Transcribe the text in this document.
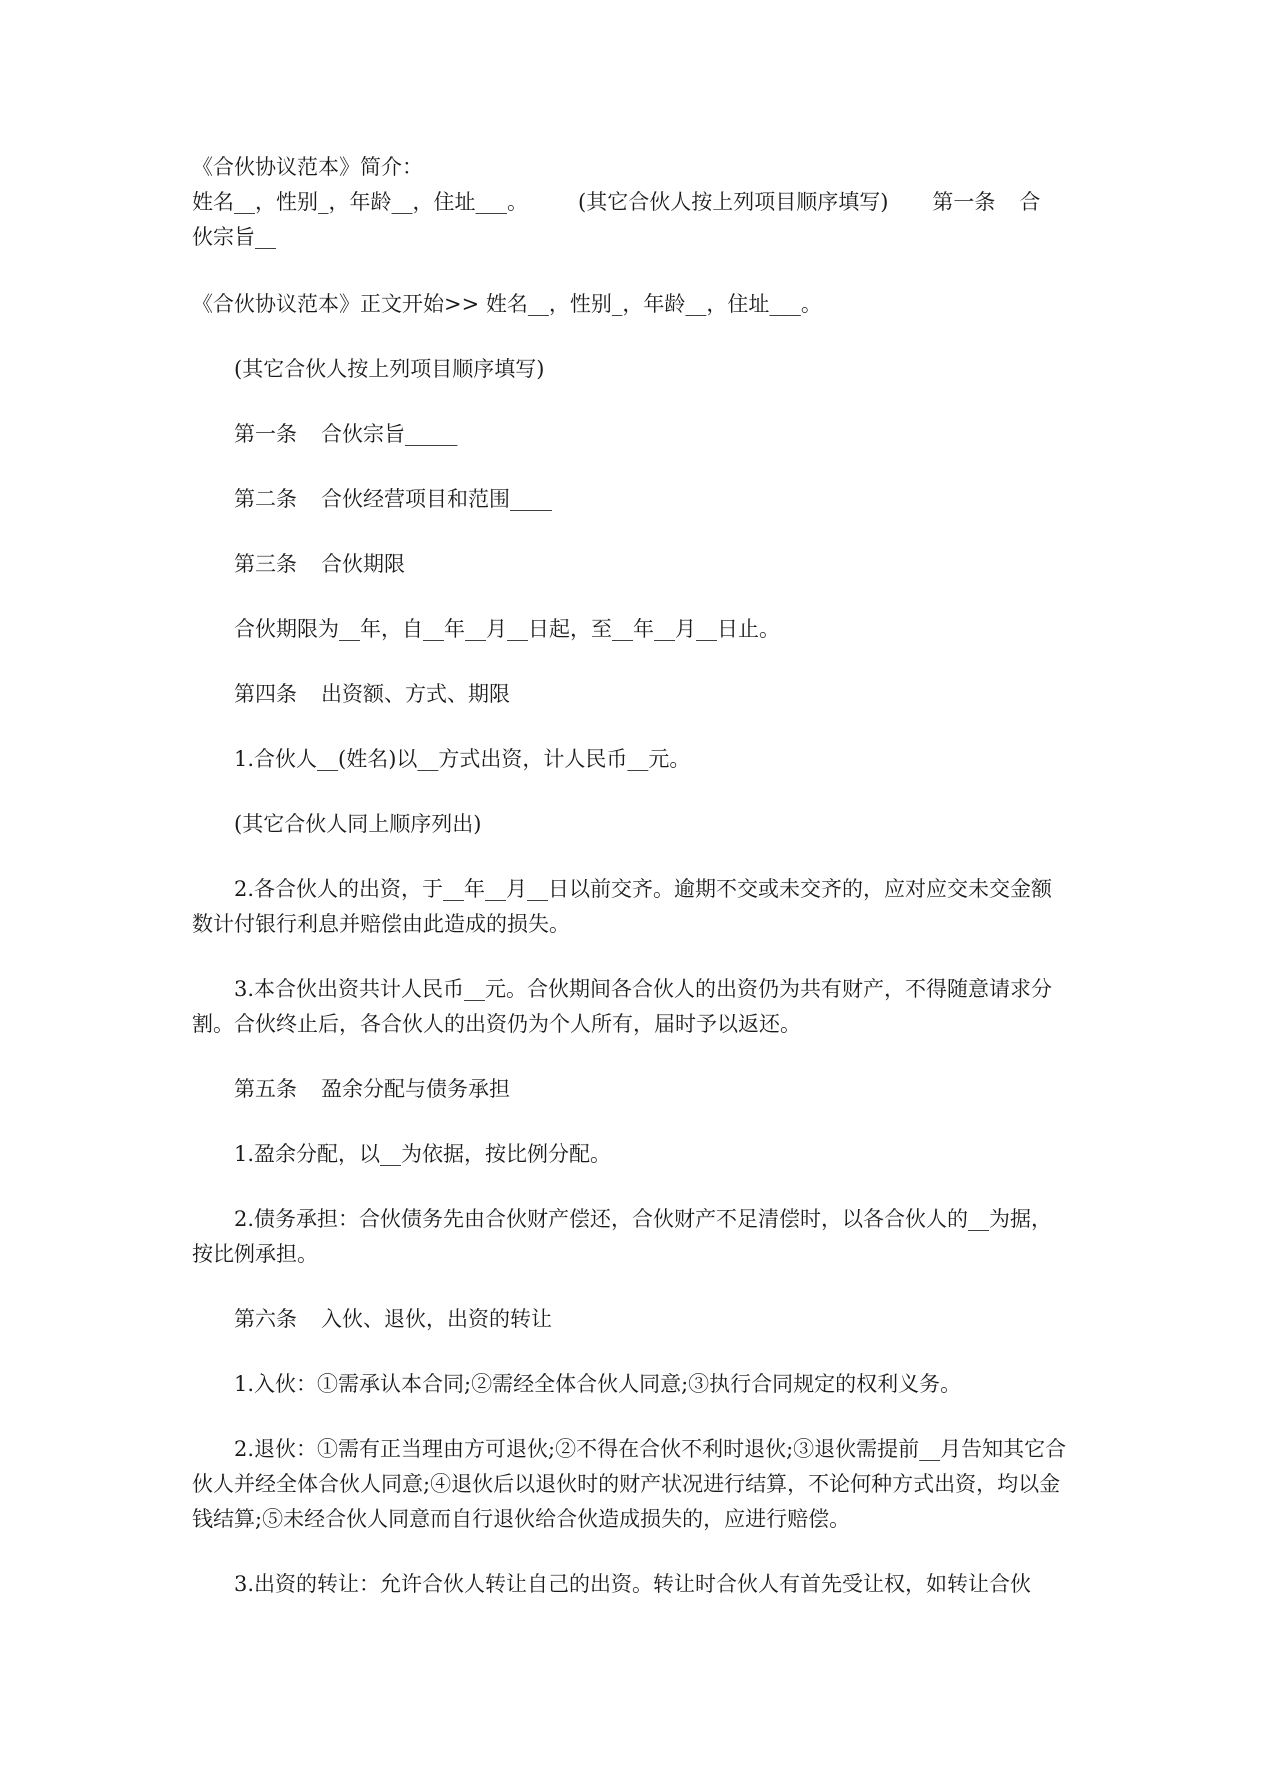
《合伙协议范本》简介：

姓名__，性别_，年龄__，住址___。 (其它合伙人按上列项目顺序填写) 第一条 合
伙宗旨__

《合伙协议范本》正文开始>> 姓名__，性别_，年龄__，住址___。

(其它合伙人按上列项目顺序填写)

第一条 合伙宗旨_____

第二条 合伙经营项目和范围____

第三条 合伙期限

合伙期限为__年，自__年__月__日起，至__年__月__日止。

第四条 出资额、方式、期限

1.合伙人__(姓名)以__方式出资，计人民币__元。

(其它合伙人同上顺序列出)

2.各合伙人的出资，于__年__月__日以前交齐。逾期不交或未交齐的，应对应交未交金额数计付银行利息并赔偿由此造成的损失。

3.本合伙出资共计人民币__元。合伙期间各合伙人的出资仍为共有财产，不得随意请求分割。合伙终止后，各合伙人的出资仍为个人所有，届时予以返还。

第五条 盈余分配与债务承担

1.盈余分配，以__为依据，按比例分配。

2.债务承担：合伙债务先由合伙财产偿还，合伙财产不足清偿时，以各合伙人的__为据，按比例承担。

第六条 入伙、退伙，出资的转让

1.入伙：①需承认本合同;②需经全体合伙人同意;③执行合同规定的权利义务。

2.退伙：①需有正当理由方可退伙;②不得在合伙不利时退伙;③退伙需提前__月告知其它合伙人并经全体合伙人同意;④退伙后以退伙时的财产状况进行结算，不论何种方式出资，均以金钱结算;⑤未经合伙人同意而自行退伙给合伙造成损失的，应进行赔偿。

3.出资的转让：允许合伙人转让自己的出资。转让时合伙人有首先受让权，如转让合伙
